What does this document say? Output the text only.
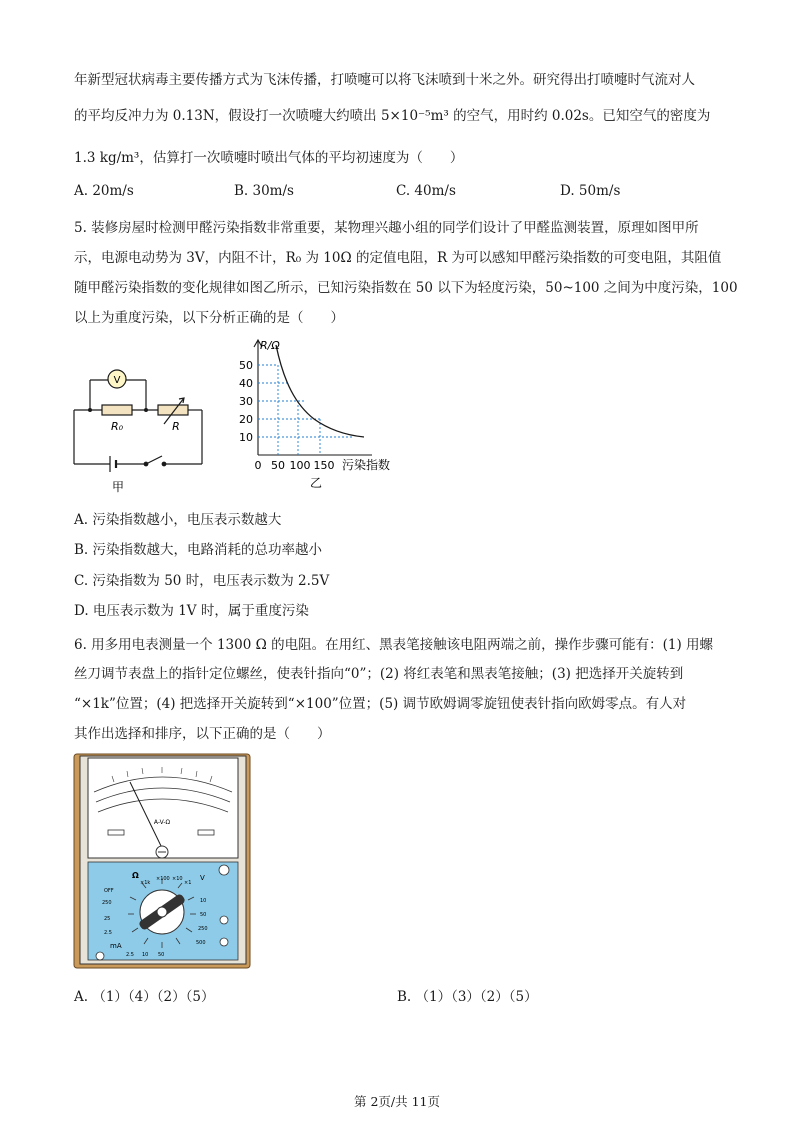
年新型冠状病毒主要传播方式为飞沫传播，打喷嚏可以将飞沫喷到十米之外。研究得出打喷嚏时气流对人
的平均反冲力为 0.13N，假设打一次喷嚏大约喷出 5×10⁻⁵m³ 的空气，用时约 0.02s。已知空气的密度为
1.3 kg/m³，估算打一次喷嚏时喷出气体的平均初速度为（　　）
A. 20m/s	B. 30m/s	C. 40m/s	D. 50m/s
5. 装修房屋时检测甲醛污染指数非常重要，某物理兴趣小组的同学们设计了甲醛监测装置，原理如图甲所
示，电源电动势为 3V，内阻不计，R₀ 为 10Ω 的定值电阻，R 为可以感知甲醛污染指数的可变电阻，其阻值
随甲醛污染指数的变化规律如图乙所示，已知污染指数在 50 以下为轻度污染，50~100 之间为中度污染，100
以上为重度污染，以下分析正确的是（　　）
V
R₀	R
甲
R/Ω
50
40
30
20
10
0 50 100 150 污染指数
乙
A. 污染指数越小，电压表示数越大
B. 污染指数越大，电路消耗的总功率越小
C. 污染指数为 50 时，电压表示数为 2.5V
D. 电压表示数为 1V 时，属于重度污染
6. 用多用电表测量一个 1300 Ω 的电阻。在用红、黑表笔接触该电阻两端之前，操作步骤可能有：(1) 用螺
丝刀调节表盘上的指针定位螺丝，使表针指向“0”；(2) 将红表笔和黑表笔接触；(3) 把选择开关旋转到
“×1k”位置；(4) 把选择开关旋转到“×100”位置；(5) 调节欧姆调零旋钮使表针指向欧姆零点。有人对
其作出选择和排序，以下正确的是（　　）
A-V-Ω
Ω	V
mA
OFF
×1k
×100 ×10
×1
250
25
2.5
10
50
250
500
2.5 10 50
A. （1）（4）（2）（5）	B. （1）（3）（2）（5）
第 2页/共 11页
